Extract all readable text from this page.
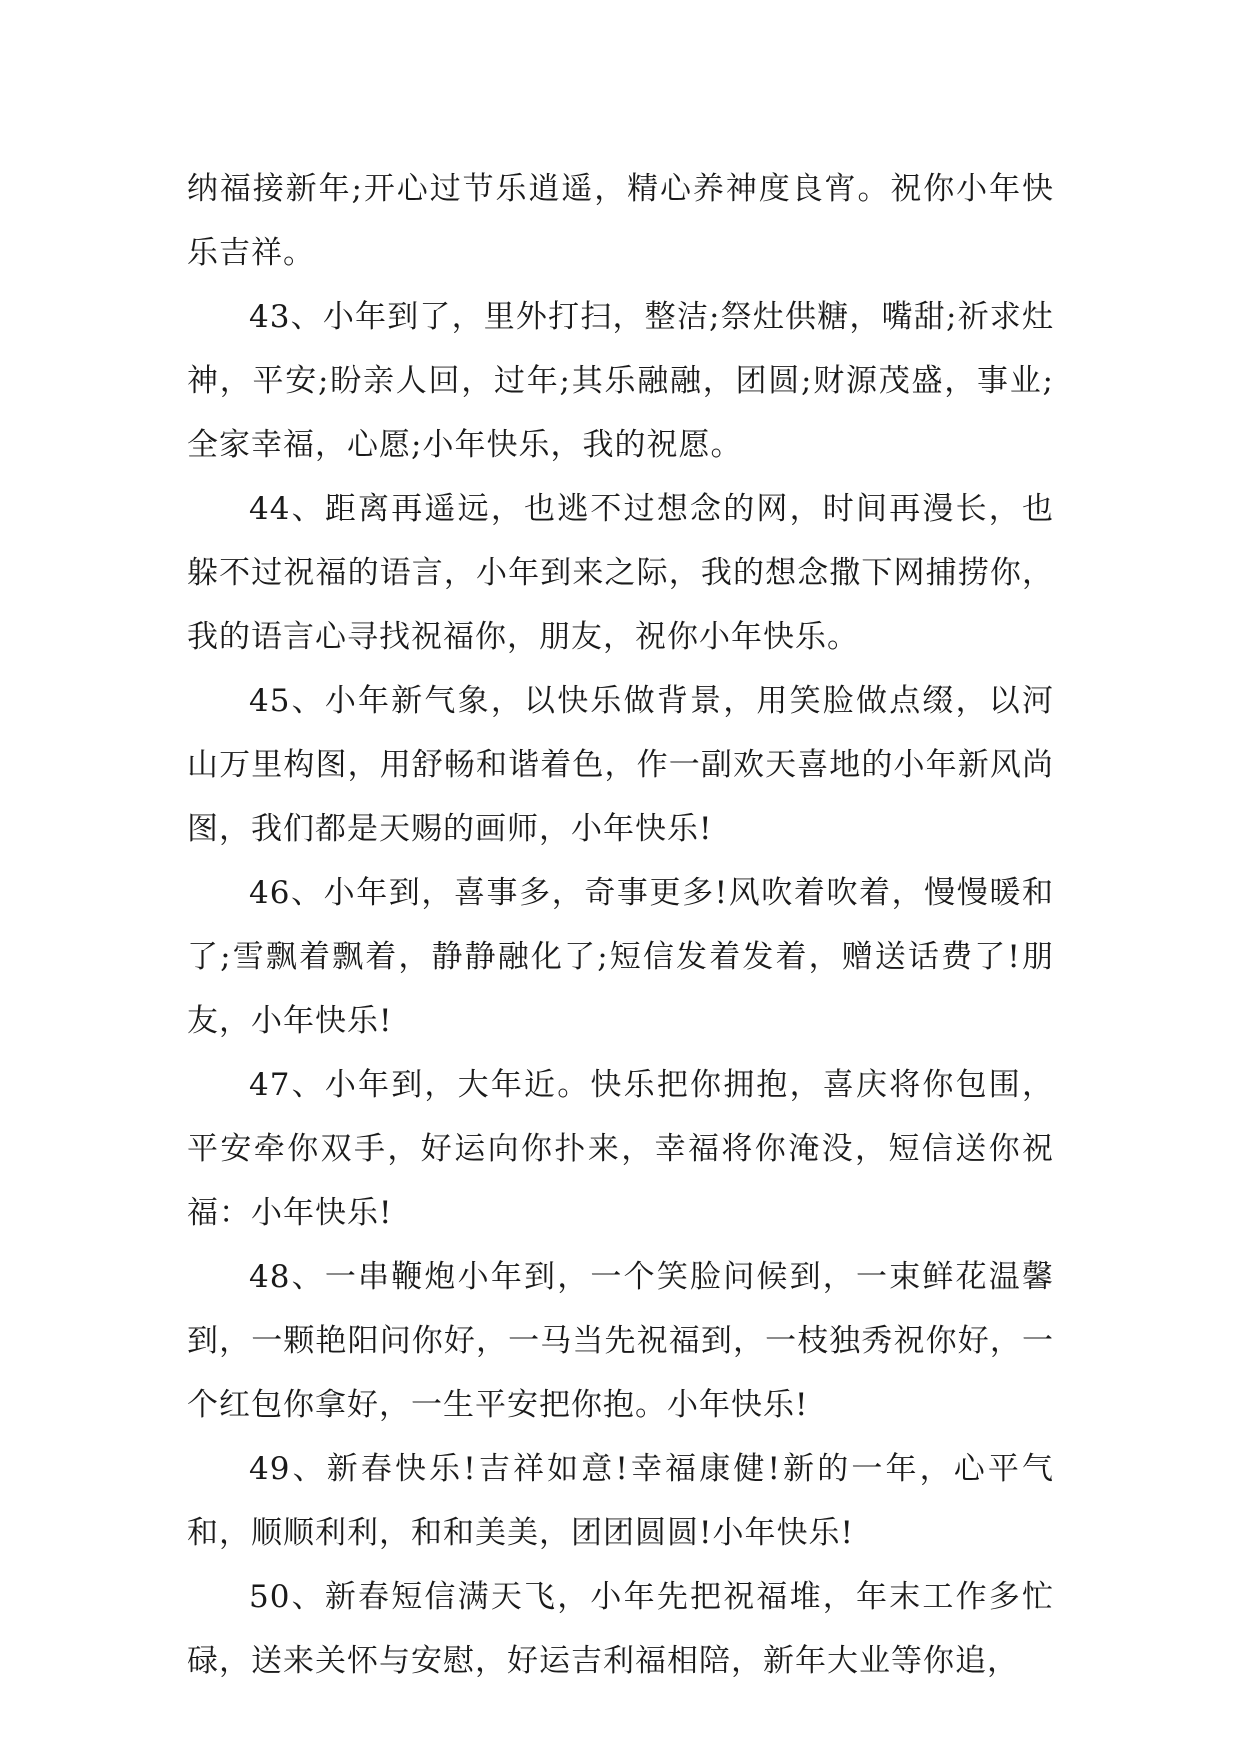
纳福接新年;开心过节乐逍遥，精心养神度良宵。祝你小年快乐吉祥。

43、小年到了，里外打扫，整洁;祭灶供糖，嘴甜;祈求灶神，平安;盼亲人回，过年;其乐融融，团圆;财源茂盛，事业;全家幸福，心愿;小年快乐，我的祝愿。

44、距离再遥远，也逃不过想念的网，时间再漫长，也躲不过祝福的语言，小年到来之际，我的想念撒下网捕捞你，我的语言心寻找祝福你，朋友，祝你小年快乐。

45、小年新气象，以快乐做背景，用笑脸做点缀，以河山万里构图，用舒畅和谐着色，作一副欢天喜地的小年新风尚图，我们都是天赐的画师，小年快乐!

46、小年到，喜事多，奇事更多!风吹着吹着，慢慢暖和了;雪飘着飘着，静静融化了;短信发着发着，赠送话费了!朋友，小年快乐!

47、小年到，大年近。快乐把你拥抱，喜庆将你包围，平安牵你双手，好运向你扑来，幸福将你淹没，短信送你祝福：小年快乐!

48、一串鞭炮小年到，一个笑脸问候到，一束鲜花温馨到，一颗艳阳问你好，一马当先祝福到，一枝独秀祝你好，一个红包你拿好，一生平安把你抱。小年快乐!

49、新春快乐!吉祥如意!幸福康健!新的一年，心平气和，顺顺利利，和和美美，团团圆圆!小年快乐!

50、新春短信满天飞，小年先把祝福堆，年末工作多忙碌，送来关怀与安慰，好运吉利福相陪，新年大业等你追，
